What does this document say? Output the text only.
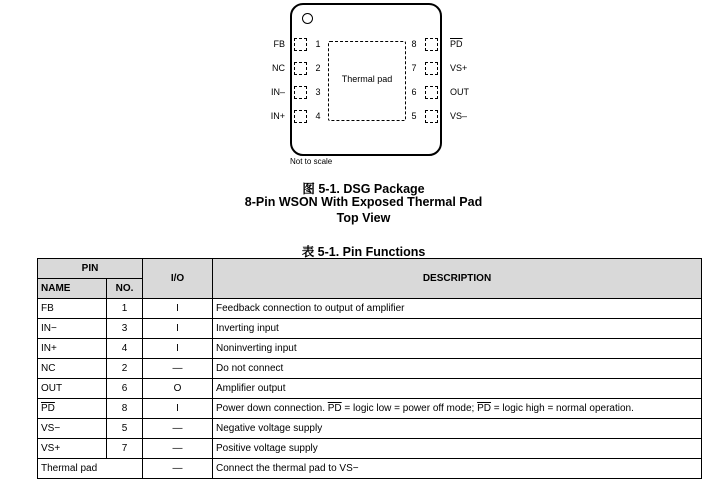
Thermal pad
1
2
3
4
8
7
6
5
FB
NC
IN–
IN+
$\overline{PD}$
VS+
OUT
VS–
Not to scale
图 5-1. DSG Package
8-Pin WSON With Exposed Thermal Pad
Top View
表 5-1. Pin Functions
PIN		I/O	DESCRIPTION
NAME	NO.		
FB	1	I	Feedback connection to output of amplifier
IN−	3	I	Inverting input
IN+	4	I	Noninverting input
NC	2	—	Do not connect
OUT	6	O	Amplifier output
$\overline{PD}$	8	I	Power down connection. $\overline{PD}$ = logic low = power off mode; $\overline{PD}$ = logic high = normal operation.
VS−	5	—	Negative voltage supply
VS+	7	—	Positive voltage supply
Thermal pad		—	Connect the thermal pad to VS−
